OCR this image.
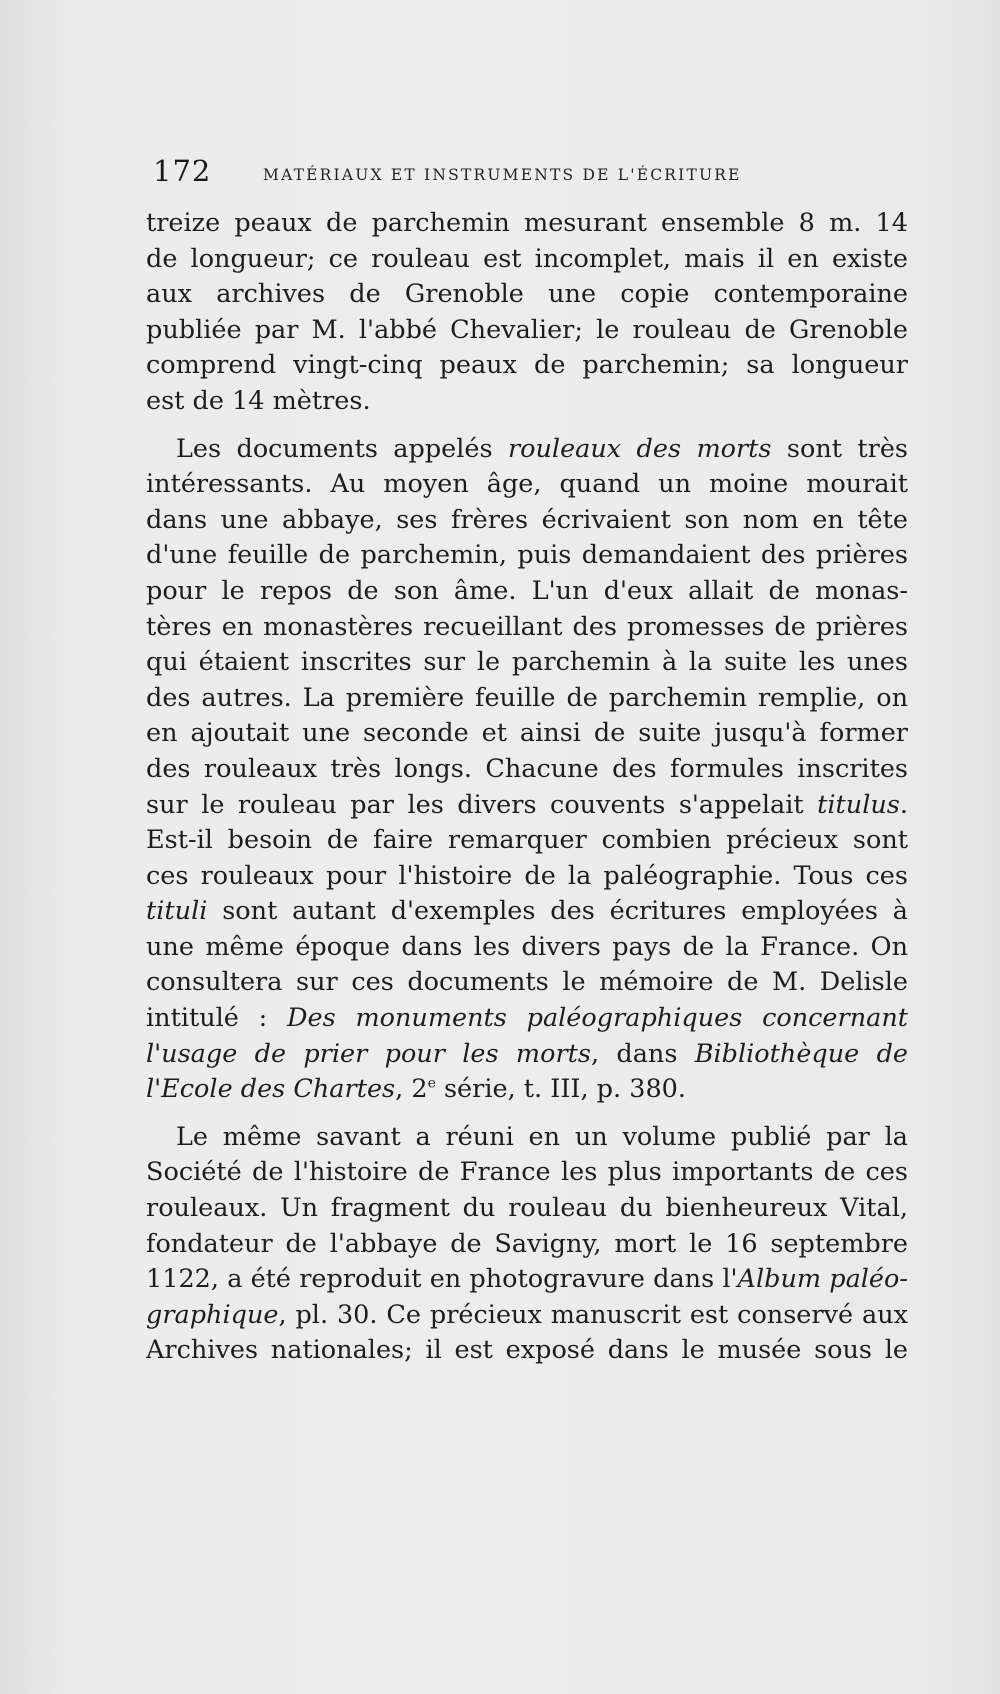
172	MATÉRIAUX ET INSTRUMENTS DE L'ÉCRITURE
treize peaux de parchemin mesurant ensemble 8 m. 14
de longueur; ce rouleau est incomplet, mais il en existe
aux archives de Grenoble une copie contemporaine
publiée par M. l'abbé Chevalier; le rouleau de Grenoble
comprend vingt-cinq peaux de parchemin; sa longueur
est de 14 mètres.
Les documents appelés rouleaux des morts sont très
intéressants. Au moyen âge, quand un moine mourait
dans une abbaye, ses frères écrivaient son nom en tête
d'une feuille de parchemin, puis demandaient des prières
pour le repos de son âme. L'un d'eux allait de monas-
tères en monastères recueillant des promesses de prières
qui étaient inscrites sur le parchemin à la suite les unes
des autres. La première feuille de parchemin remplie, on
en ajoutait une seconde et ainsi de suite jusqu'à former
des rouleaux très longs. Chacune des formules inscrites
sur le rouleau par les divers couvents s'appelait titulus.
Est-il besoin de faire remarquer combien précieux sont
ces rouleaux pour l'histoire de la paléographie. Tous ces
tituli sont autant d'exemples des écritures employées à
une même époque dans les divers pays de la France. On
consultera sur ces documents le mémoire de M. Delisle
intitulé : Des monuments paléographiques concernant
l'usage de prier pour les morts, dans Bibliothèque de
l'Ecole des Chartes, 2e série, t. III, p. 380.
Le même savant a réuni en un volume publié par la
Société de l'histoire de France les plus importants de ces
rouleaux. Un fragment du rouleau du bienheureux Vital,
fondateur de l'abbaye de Savigny, mort le 16 septembre
1122, a été reproduit en photogravure dans l'Album paléo-
graphique, pl. 30. Ce précieux manuscrit est conservé aux
Archives nationales; il est exposé dans le musée sous le
